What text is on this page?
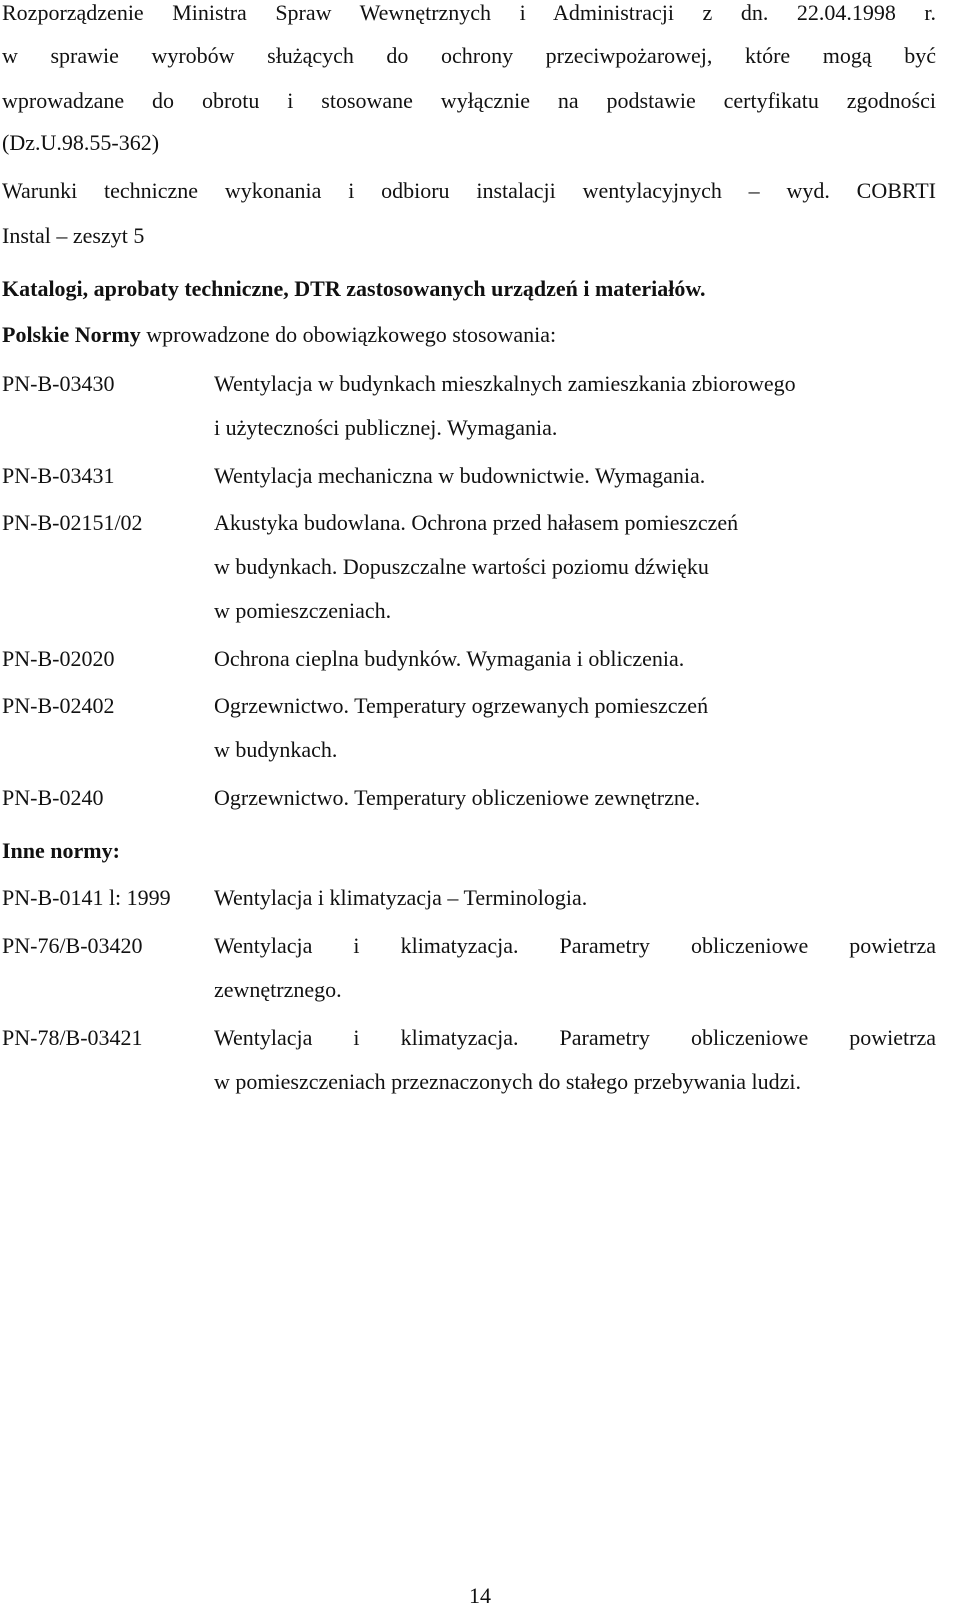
Rozporządzenie Ministra Spraw Wewnętrznych i Administracji z dn. 22.04.1998 r.
w sprawie wyrobów służących do ochrony przeciwpożarowej, które mogą być
wprowadzane do obrotu i stosowane wyłącznie na podstawie certyfikatu zgodności
(Dz.U.98.55-362)
Warunki techniczne wykonania i odbioru instalacji wentylacyjnych – wyd. COBRTI
Instal – zeszyt 5
Katalogi, aprobaty techniczne, DTR zastosowanych urządzeń i materiałów.
Polskie Normy wprowadzone do obowiązkowego stosowania:
PN-B-03430	Wentylacja w budynkach mieszkalnych zamieszkania zbiorowego
i użyteczności publicznej. Wymagania.
PN-B-03431	Wentylacja mechaniczna w budownictwie. Wymagania.
PN-B-02151/02	Akustyka budowlana. Ochrona przed hałasem pomieszczeń
w budynkach. Dopuszczalne wartości poziomu dźwięku
w pomieszczeniach.
PN-B-02020	Ochrona cieplna budynków. Wymagania i obliczenia.
PN-B-02402	Ogrzewnictwo. Temperatury ogrzewanych pomieszczeń
w budynkach.
PN-B-0240	Ogrzewnictwo. Temperatury obliczeniowe zewnętrzne.
Inne normy:
PN-B-0141 l: 1999 Wentylacja i klimatyzacja – Terminologia.
PN-76/B-03420	Wentylacja i klimatyzacja. Parametry obliczeniowe powietrza
zewnętrznego.
PN-78/B-03421	Wentylacja i klimatyzacja. Parametry obliczeniowe powietrza
w pomieszczeniach przeznaczonych do stałego przebywania ludzi.
14
